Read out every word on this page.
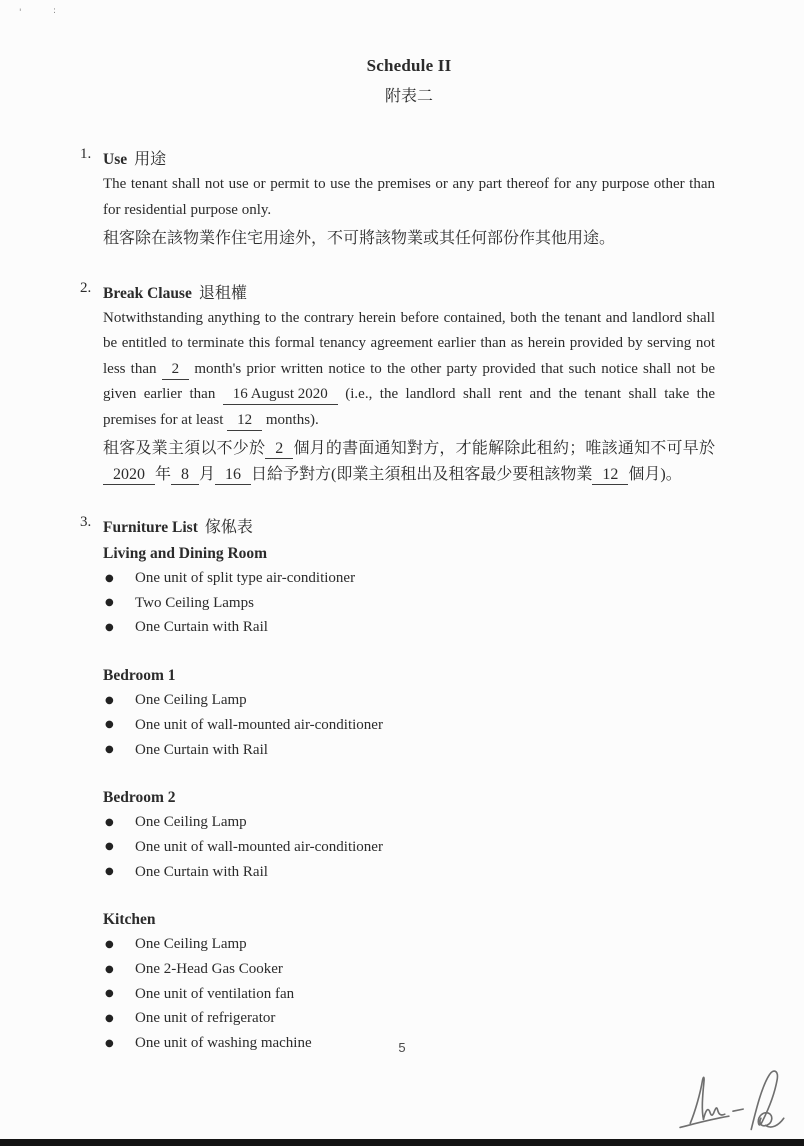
'	:
Schedule II
附表二
1. Use 用途
The tenant shall not use or permit to use the premises or any part thereof for any purpose other than for residential purpose only.
租客除在該物業作住宅用途外，不可將該物業或其任何部份作其他用途。
2. Break Clause 退租權
Notwithstanding anything to the contrary herein before contained, both the tenant and landlord shall be entitled to terminate this formal tenancy agreement earlier than as herein provided by serving not less than 2 month's prior written notice to the other party provided that such notice shall not be given earlier than 16 August 2020 (i.e., the landlord shall rent and the tenant shall take the premises for at least 12 months).
租客及業主須以不少於 2 個月的書面通知對方，才能解除此租約；唯該通知不可早於2020 年 8 月 16 日給予對方(即業主須租出及租客最少要租該物業 12 個月)。
3. Furniture List 傢俬表
Living and Dining Room
● One unit of split type air-conditioner
● Two Ceiling Lamps
● One Curtain with Rail
Bedroom 1
● One Ceiling Lamp
● One unit of wall-mounted air-conditioner
● One Curtain with Rail
Bedroom 2
● One Ceiling Lamp
● One unit of wall-mounted air-conditioner
● One Curtain with Rail
Kitchen
● One Ceiling Lamp
● One 2-Head Gas Cooker
● One unit of ventilation fan
● One unit of refrigerator
● One unit of washing machine	5
